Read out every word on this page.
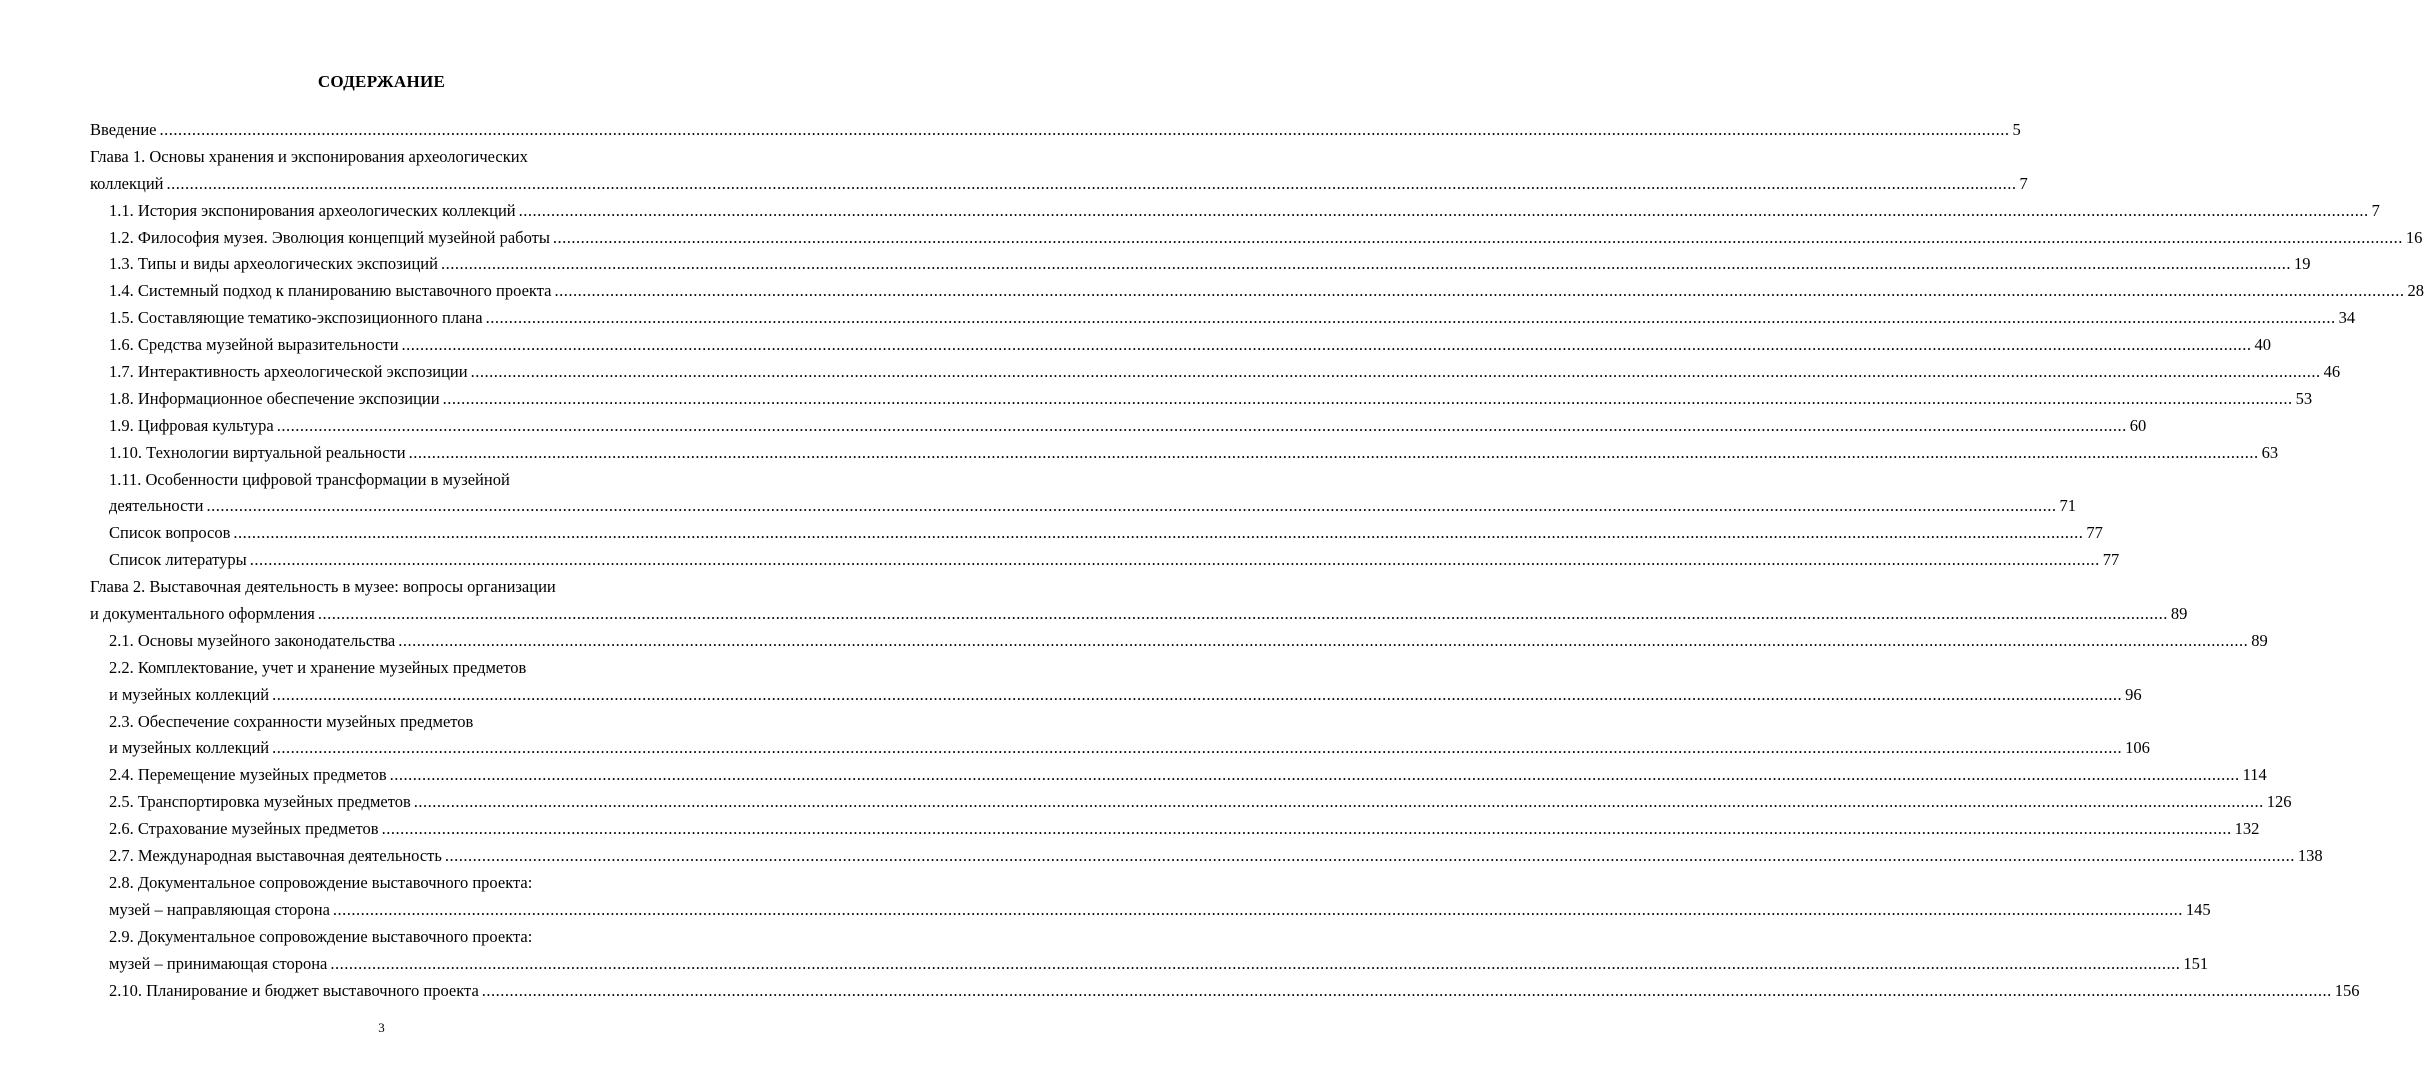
СОДЕРЖАНИЕ
Введение ................................................................................................................................................................................................................................................................................................................................................................................................................ 5
Глава 1. Основы хранения и экспонирования археологических
коллекций ................................................................................................................................................................................................................................................................................................................................................................................................................ 7
1.1. История экспонирования археологических коллекций ................................................................................................................................................................................................................................................................................................................................................................................................................ 7
1.2. Философия музея. Эволюция концепций музейной работы ................................................................................................................................................................................................................................................................................................................................................................................................................ 16
1.3. Типы и виды археологических экспозиций ................................................................................................................................................................................................................................................................................................................................................................................................................ 19
1.4. Системный подход к планированию выставочного проекта ................................................................................................................................................................................................................................................................................................................................................................................................................ 28
1.5. Составляющие тематико-экспозиционного плана ................................................................................................................................................................................................................................................................................................................................................................................................................ 34
1.6. Средства музейной выразительности ................................................................................................................................................................................................................................................................................................................................................................................................................ 40
1.7. Интерактивность археологической экспозиции ................................................................................................................................................................................................................................................................................................................................................................................................................ 46
1.8. Информационное обеспечение экспозиции ................................................................................................................................................................................................................................................................................................................................................................................................................ 53
1.9. Цифровая культура ................................................................................................................................................................................................................................................................................................................................................................................................................ 60
1.10. Технологии виртуальной реальности ................................................................................................................................................................................................................................................................................................................................................................................................................ 63
1.11. Особенности цифровой трансформации в музейной
деятельности ................................................................................................................................................................................................................................................................................................................................................................................................................ 71
Список вопросов ................................................................................................................................................................................................................................................................................................................................................................................................................ 77
Список литературы ................................................................................................................................................................................................................................................................................................................................................................................................................ 77
Глава 2. Выставочная деятельность в музее: вопросы организации
и документального оформления ................................................................................................................................................................................................................................................................................................................................................................................................................ 89
2.1. Основы музейного законодательства ................................................................................................................................................................................................................................................................................................................................................................................................................ 89
2.2. Комплектование, учет и хранение музейных предметов
и музейных коллекций ................................................................................................................................................................................................................................................................................................................................................................................................................ 96
2.3. Обеспечение сохранности музейных предметов
и музейных коллекций ................................................................................................................................................................................................................................................................................................................................................................................................................ 106
2.4. Перемещение музейных предметов ................................................................................................................................................................................................................................................................................................................................................................................................................ 114
2.5. Транспортировка музейных предметов ................................................................................................................................................................................................................................................................................................................................................................................................................ 126
2.6. Страхование музейных предметов ................................................................................................................................................................................................................................................................................................................................................................................................................ 132
2.7. Международная выставочная деятельность ................................................................................................................................................................................................................................................................................................................................................................................................................ 138
2.8. Документальное сопровождение выставочного проекта:
музей – направляющая сторона ................................................................................................................................................................................................................................................................................................................................................................................................................ 145
2.9. Документальное сопровождение выставочного проекта:
музей – принимающая сторона ................................................................................................................................................................................................................................................................................................................................................................................................................ 151
2.10. Планирование и бюджет выставочного проекта ................................................................................................................................................................................................................................................................................................................................................................................................................ 156
3
